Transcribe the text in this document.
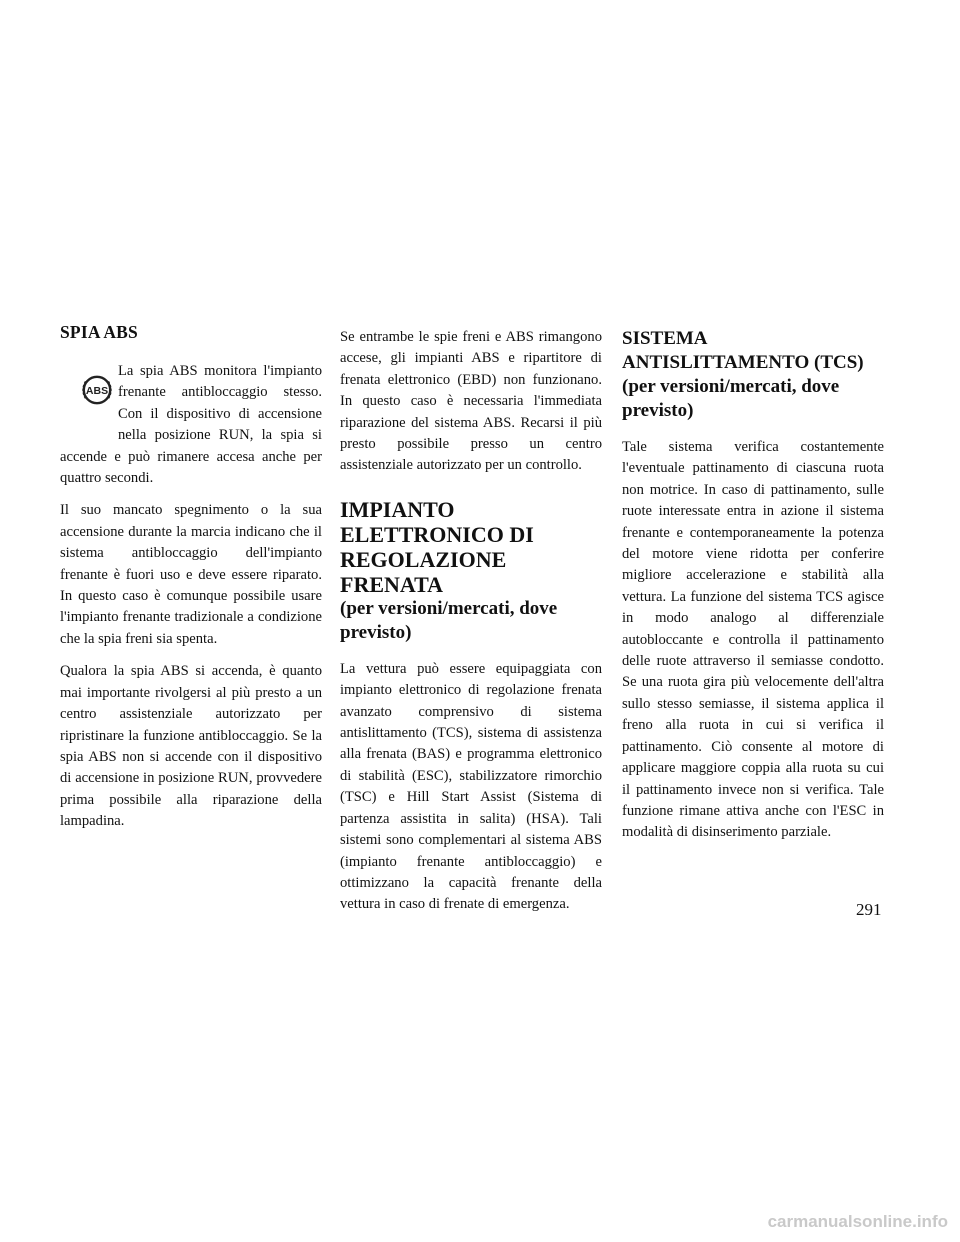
SPIA ABS
ABS

La spia ABS monitora l'impianto frenante antibloccaggio stesso. Con il dispositivo di accensione nella posizione RUN, la spia si accende e può rimanere accesa anche per quattro secondi.

Il suo mancato spegnimento o la sua accensione durante la marcia indicano che il sistema antibloccaggio dell'impianto frenante è fuori uso e deve essere riparato. In questo caso è comunque possibile usare l'impianto frenante tradizionale a condizione che la spia freni sia spenta.

Qualora la spia ABS si accenda, è quanto mai importante rivolgersi al più presto a un centro assistenziale autorizzato per ripristinare la funzione antibloccaggio. Se la spia ABS non si accende con il dispositivo di accensione in posizione RUN, provvedere prima possibile alla riparazione della lampadina.

Se entrambe le spie freni e ABS rimangono accese, gli impianti ABS e ripartitore di frenata elettronico (EBD) non funzionano. In questo caso è necessaria l'immediata riparazione del sistema ABS. Recarsi il più presto possibile presso un centro assistenziale autorizzato per un controllo.

IMPIANTO ELETTRONICO DI REGOLAZIONE FRENATA
(per versioni/mercati, dove previsto)

La vettura può essere equipaggiata con impianto elettronico di regolazione frenata avanzato comprensivo di sistema antislittamento (TCS), sistema di assistenza alla frenata (BAS) e programma elettronico di stabilità (ESC), stabilizzatore rimorchio (TSC) e Hill Start Assist (Sistema di partenza assistita in salita) (HSA). Tali sistemi sono complementari al sistema ABS (impianto frenante antibloccaggio) e ottimizzano la capacità frenante della vettura in caso di frenate di emergenza.

SISTEMA ANTISLITTAMENTO (TCS)
(per versioni/mercati, dove previsto)

Tale sistema verifica costantemente l'eventuale pattinamento di ciascuna ruota non motrice. In caso di pattinamento, sulle ruote interessate entra in azione il sistema frenante e contemporaneamente la potenza del motore viene ridotta per conferire migliore accelerazione e stabilità alla vettura. La funzione del sistema TCS agisce in modo analogo al differenziale autobloccante e controlla il pattinamento delle ruote attraverso il semiasse condotto. Se una ruota gira più velocemente dell'altra sullo stesso semiasse, il sistema applica il freno alla ruota in cui si verifica il pattinamento. Ciò consente al motore di applicare maggiore coppia alla ruota su cui il pattinamento invece non si verifica. Tale funzione rimane attiva anche con l'ESC in modalità di disinserimento parziale.

291
carmanualsonline.info
